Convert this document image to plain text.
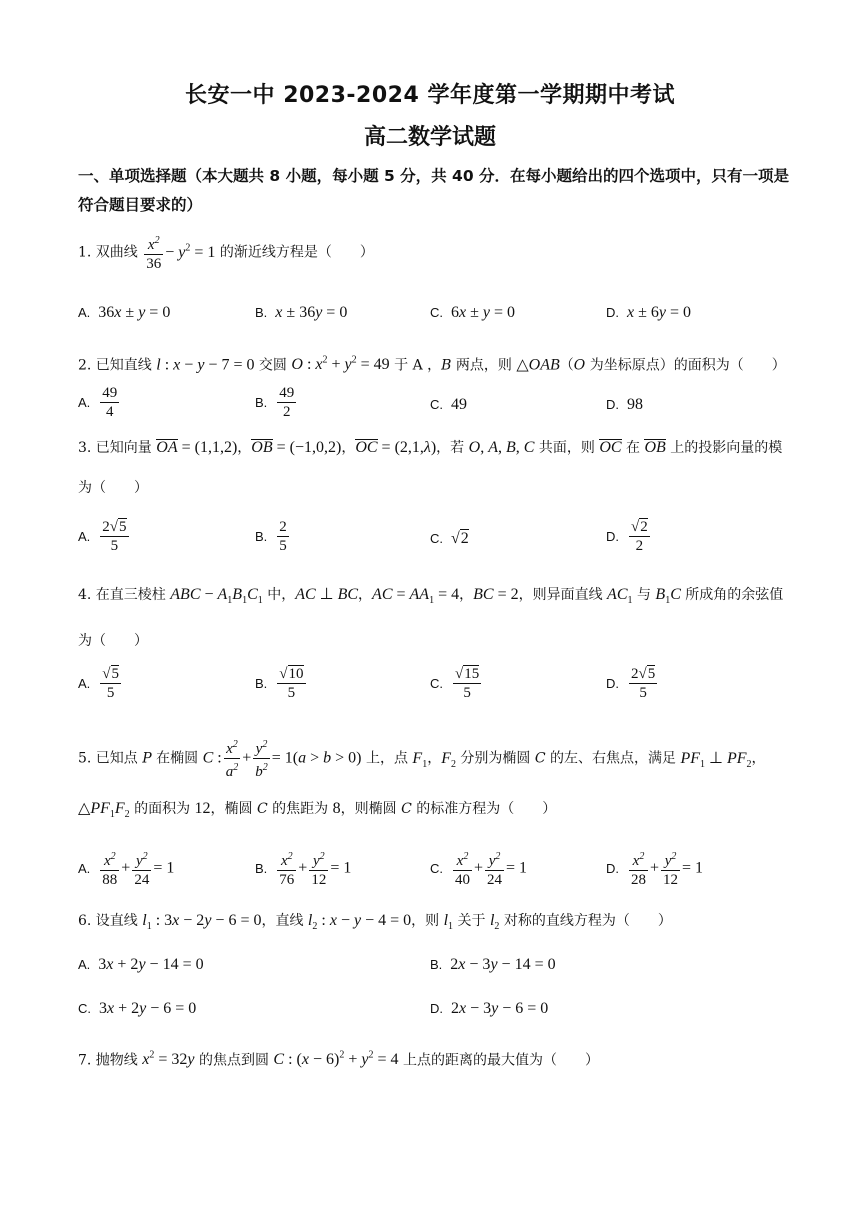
长安一中 2023-2024 学年度第一学期期中考试
高二数学试题
一、单项选择题（本大题共 8 小题，每小题 5 分，共 40 分．在每小题给出的四个选项中，只有一项是符合题目要求的）
1. 双曲线 $\frac{x^2}{36} - y^2 = 1$ 的渐近线方程是（　　）
A. 36x ± y = 0	B. x ± 36y = 0	C. 6x ± y = 0	D. x ± 6y = 0
2. 已知直线 l : x − y − 7 = 0 交圆 O : $x^2 + y^2 = 49$ 于 A ，B 两点，则 △OAB（O 为坐标原点）的面积为（　　）
A. $\frac{49}{4}$	B. $\frac{49}{2}$	C. 49	D. 98
3. 已知向量 OA = (1,1,2)，OB = (−1,0,2)，OC = (2,1,λ)，若 O, A, B, C 共面，则 OC 在 OB 上的投影向量的模为（　　）
A. $\frac{2√5}{5}$	B. $\frac{2}{5}$	C. √2	D. $\frac{√2}{2}$
4. 在直三棱柱 ABC − $A_1B_1C_1$ 中，AC ⊥ BC，AC = $AA_1 = 4$，BC = 2，则异面直线 $AC_1$ 与 $B_1C$ 所成角的余弦值为（　　）
A. $\frac{√5}{5}$	B. $\frac{√10}{5}$	C. $\frac{√15}{5}$	D. $\frac{2√5}{5}$
5. 已知点 P 在椭圆 C : $\frac{x^2}{a^2} + \frac{y^2}{b^2} = 1(a > b > 0)$ 上，点 $F_1$，$F_2$ 分别为椭圆 C 的左、右焦点，满足 $PF_1$ ⊥ $PF_2$，
$\triangle PF_1F_2$ 的面积为 12，椭圆 C 的焦距为 8，则椭圆 C 的标准方程为（　　）
A. $\frac{x^2}{88} + \frac{y^2}{24} = 1$	B. $\frac{x^2}{76} + \frac{y^2}{12} = 1$	C. $\frac{x^2}{40} + \frac{y^2}{24} = 1$	D. $\frac{x^2}{28} + \frac{y^2}{12} = 1$
6. 设直线 $l_1$ : 3x − 2y − 6 = 0，直线 $l_2$ : x − y − 4 = 0，则 $l_1$ 关于 $l_2$ 对称的直线方程为（　　）
A. 3x + 2y − 14 = 0	B. 2x − 3y − 14 = 0
C. 3x + 2y − 6 = 0	D. 2x − 3y − 6 = 0
7. 抛物线 $x^2 = 32y$ 的焦点到圆 C : $(x - 6)^2 + y^2 = 4$ 上点的距离的最大值为（　　）
